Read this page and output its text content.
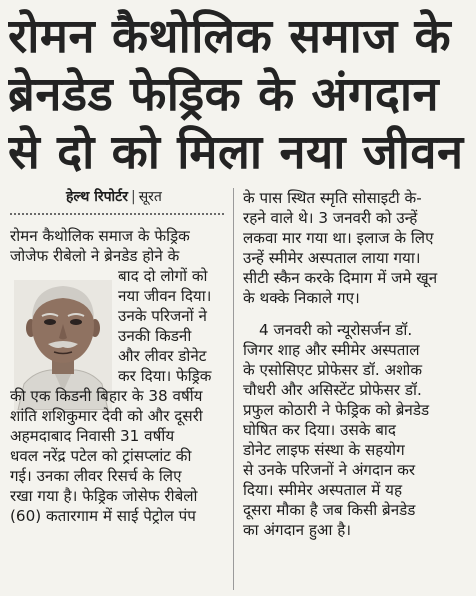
रोमन कैथोलिक समाज के
ब्रेनडेड फेड्रिक के अंगदान
से दो को मिला नया जीवन
हेल्थ रिपोर्टर | सूरत
रोमन कैथोलिक समाज के फेड्रिक
जोजेफ रीबेलो ने ब्रेनडेड होने के
बाद दो लोगों को
नया जीवन दिया।
उनके परिजनों ने
उनकी किडनी
और लीवर डोनेट
कर दिया। फेड्रिक
की एक किडनी बिहार के 38 वर्षीय
शांति शशिकुमार देवी को और दूसरी
अहमदाबाद निवासी 31 वर्षीय
धवल नरेंद्र पटेल को ट्रांसप्लांट की
गई। उनका लीवर रिसर्च के लिए
रखा गया है। फेड्रिक जोसेफ रीबेलो
(60) कतारगाम में साई पेट्रोल पंप
के पास स्थित स्मृति सोसाइटी के-
रहने वाले थे। 3 जनवरी को उन्हें
लकवा मार गया था। इलाज के लिए
उन्हें स्मीमेर अस्पताल लाया गया।
सीटी स्कैन करके दिमाग में जमे खून
के थक्के निकाले गए।
4 जनवरी को न्यूरोसर्जन डॉ.
जिगर शाह और स्मीमेर अस्पताल
के एसोसिएट प्रोफेसर डॉ. अशोक
चौधरी और असिस्टेंट प्रोफेसर डॉ.
प्रफुल कोठारी ने फेड्रिक को ब्रेनडेड
घोषित कर दिया। उसके बाद
डोनेट लाइफ संस्था के सहयोग
से उनके परिजनों ने अंगदान कर
दिया। स्मीमेर अस्पताल में यह
दूसरा मौका है जब किसी ब्रेनडेड
का अंगदान हुआ है।
